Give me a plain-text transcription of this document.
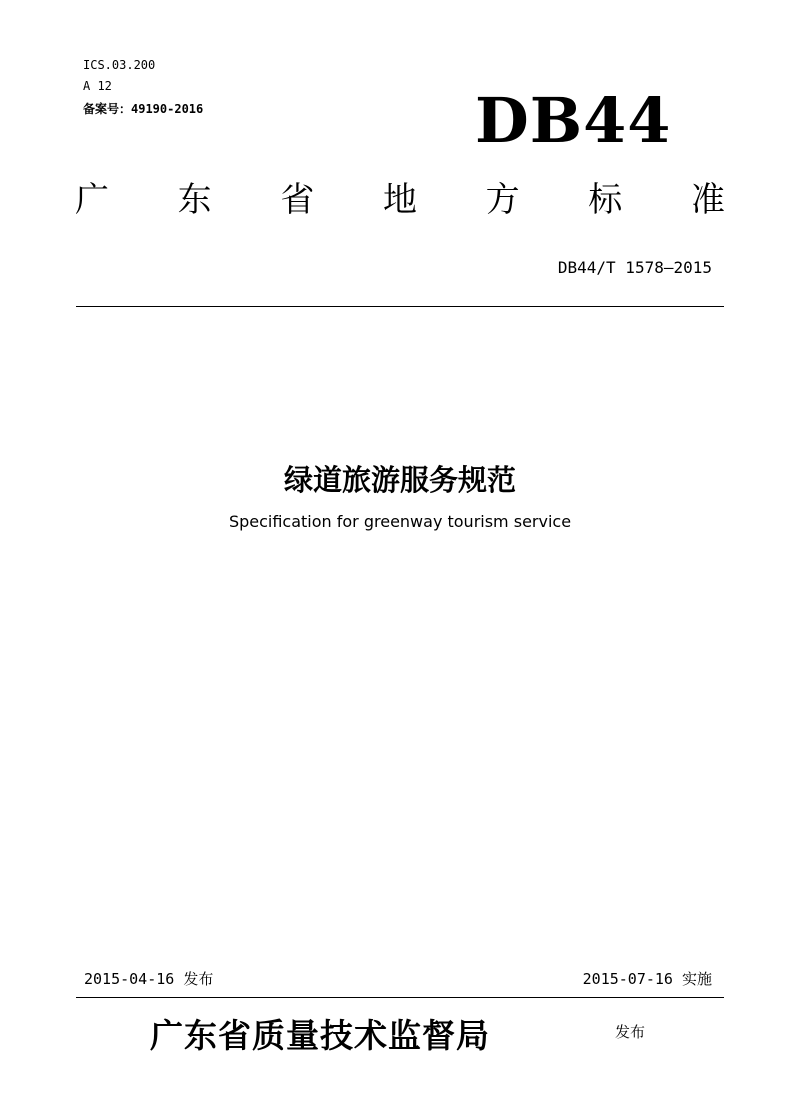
ICS.03.200
A 12
备案号：49190-2016	DB44
广 东 省 地 方 标 准
DB44/T 1578—2015
绿道旅游服务规范
Specification for greenway tourism service
2015-04-16 发布	2015-07-16 实施
广东省质量技术监督局	发布
